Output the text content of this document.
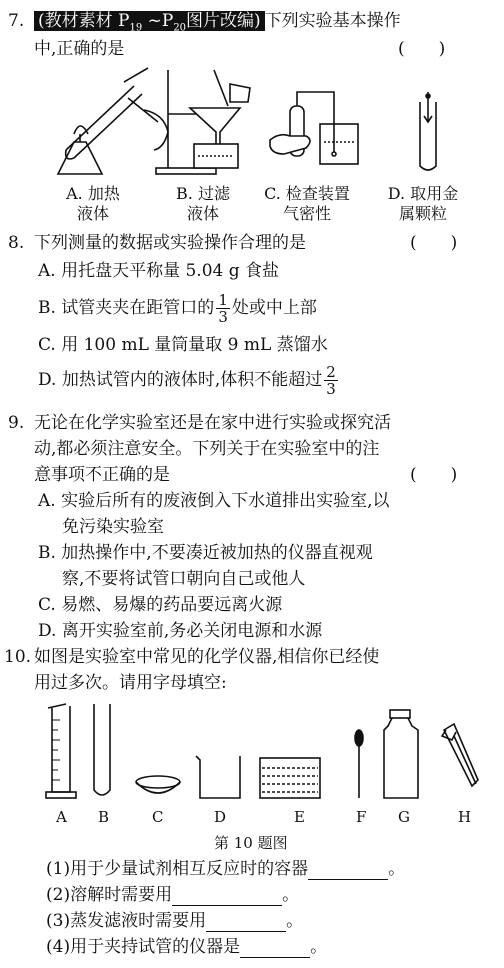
7. (教材素材 $P_{19}$ $\sim P_{20}$图片改编) 下列实验基本操作
中,正确的是	(　　)
A. 加热
液体
B. 过滤
液体
C. 检查装置
气密性
D. 取用金
属颗粒
8. 下列测量的数据或实验操作合理的是	(　　)
A. 用托盘天平称量 5.04 g 食盐
B. 试管夹夹在距管口的 $\frac{1}{3}$ 处或中上部
C. 用 100 mL 量筒量取 9 mL 蒸馏水
D. 加热试管内的液体时,体积不能超过 $\frac{2}{3}$
9. 无论在化学实验室还是在家中进行实验或探究活
动,都必须注意安全。下列关于在实验室中的注
意事项不正确的是	(　　)
A. 实验后所有的废液倒入下水道排出实验室,以
免污染实验室
B. 加热操作中,不要凑近被加热的仪器直视观
察,不要将试管口朝向自己或他人
C. 易燃、易爆的药品要远离火源
D. 离开实验室前,务必关闭电源和水源
10. 如图是实验室中常见的化学仪器,相信你已经使
用过多次。请用字母填空:
A B	C	D	E	F G	H
第 10 题图
(1)用于少量试剂相互反应时的容器	。
(2)溶解时需要用	。
(3)蒸发滤液时需要用	。
(4)用于夹持试管的仪器是	。
